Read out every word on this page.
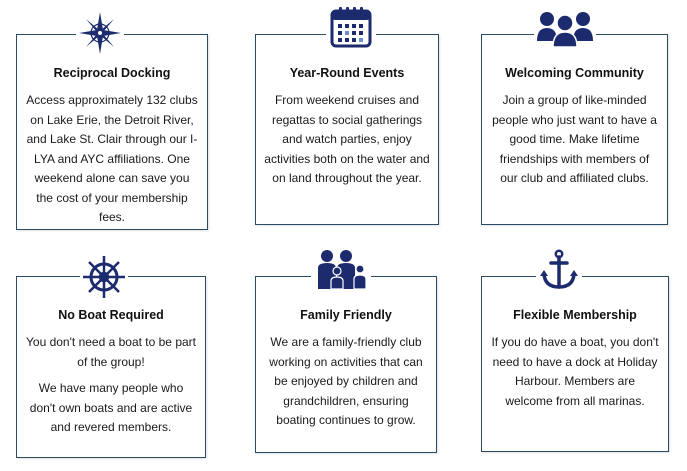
Reciprocal Docking

Access approximately 132 clubs on Lake Erie, the Detroit River, and Lake St. Clair through our I-LYA and AYC affiliations. One weekend alone can save you the cost of your membership fees.

Year-Round Events

From weekend cruises and regattas to social gatherings and watch parties, enjoy activities both on the water and on land throughout the year.

Welcoming Community

Join a group of like-minded people who just want to have a good time. Make lifetime friendships with members of our club and affiliated clubs.

No Boat Required

You don't need a boat to be part of the group!

We have many people who don't own boats and are active and revered members.

Family Friendly

We are a family-friendly club working on activities that can be enjoyed by children and grandchildren, ensuring boating continues to grow.

Flexible Membership

If you do have a boat, you don't need to have a dock at Holiday Harbour. Members are welcome from all marinas.
